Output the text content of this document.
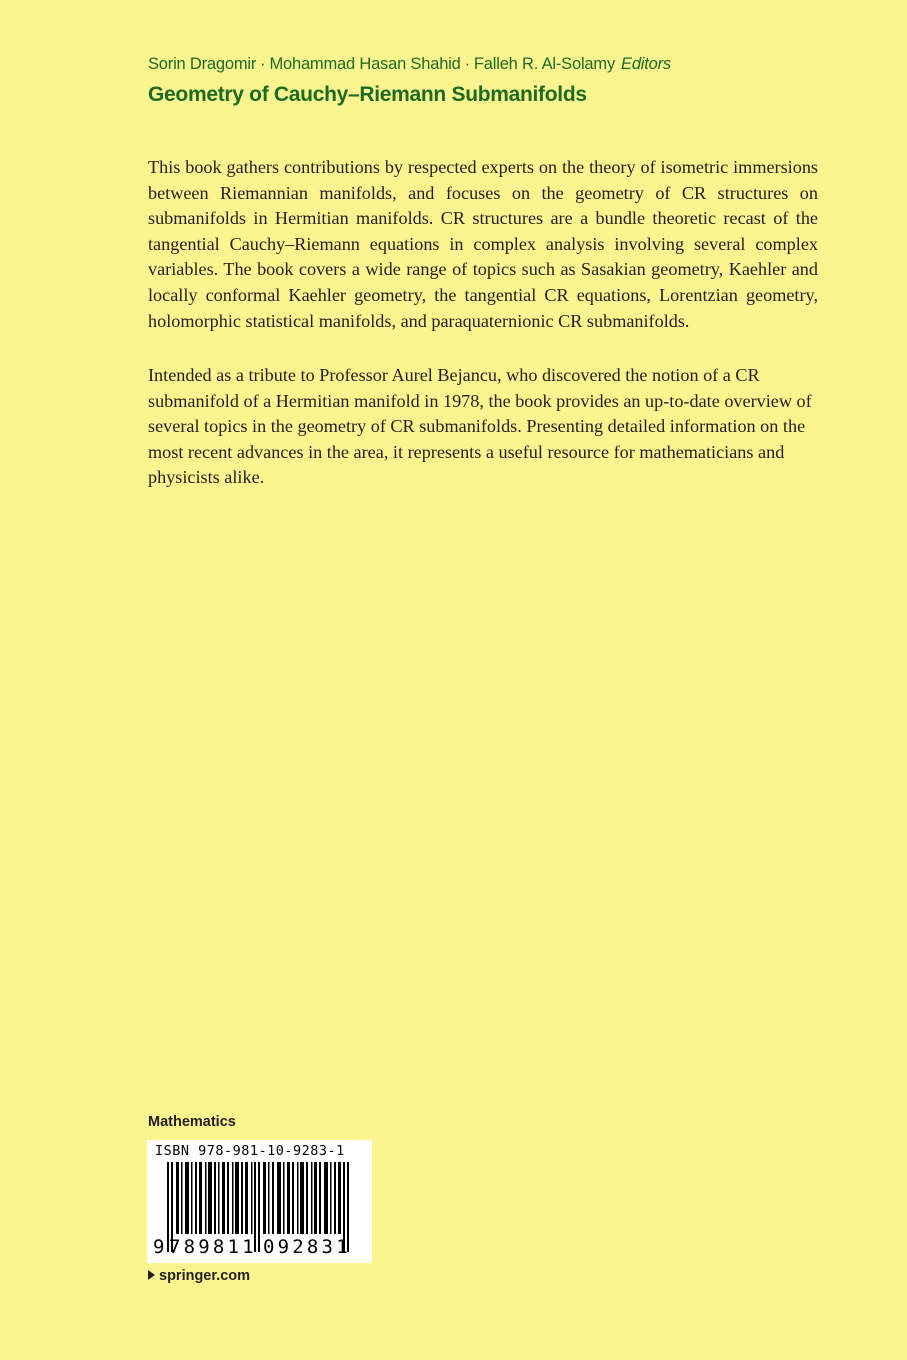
Sorin Dragomir · Mohammad Hasan Shahid · Falleh R. Al-Solamy Editors
Geometry of Cauchy–Riemann Submanifolds

This book gathers contributions by respected experts on the theory of isometric immersions between Riemannian manifolds, and focuses on the geometry of CR structures on submanifolds in Hermitian manifolds. CR structures are a bundle theoretic recast of the tangential Cauchy–Riemann equations in complex analysis involving several complex variables. The book covers a wide range of topics such as Sasakian geometry, Kaehler and locally conformal Kaehler geometry, the tangential CR equations, Lorentzian geometry, holomorphic statistical manifolds, and paraquaternionic CR submanifolds.

Intended as a tribute to Professor Aurel Bejancu, who discovered the notion of a CR submanifold of a Hermitian manifold in 1978, the book provides an up-to-date overview of several topics in the geometry of CR submanifolds. Presenting detailed information on the most recent advances in the area, it represents a useful resource for mathematicians and physicists alike.

Mathematics
ISBN 978-981-10-9283-1
9 789811 092831
springer.com
